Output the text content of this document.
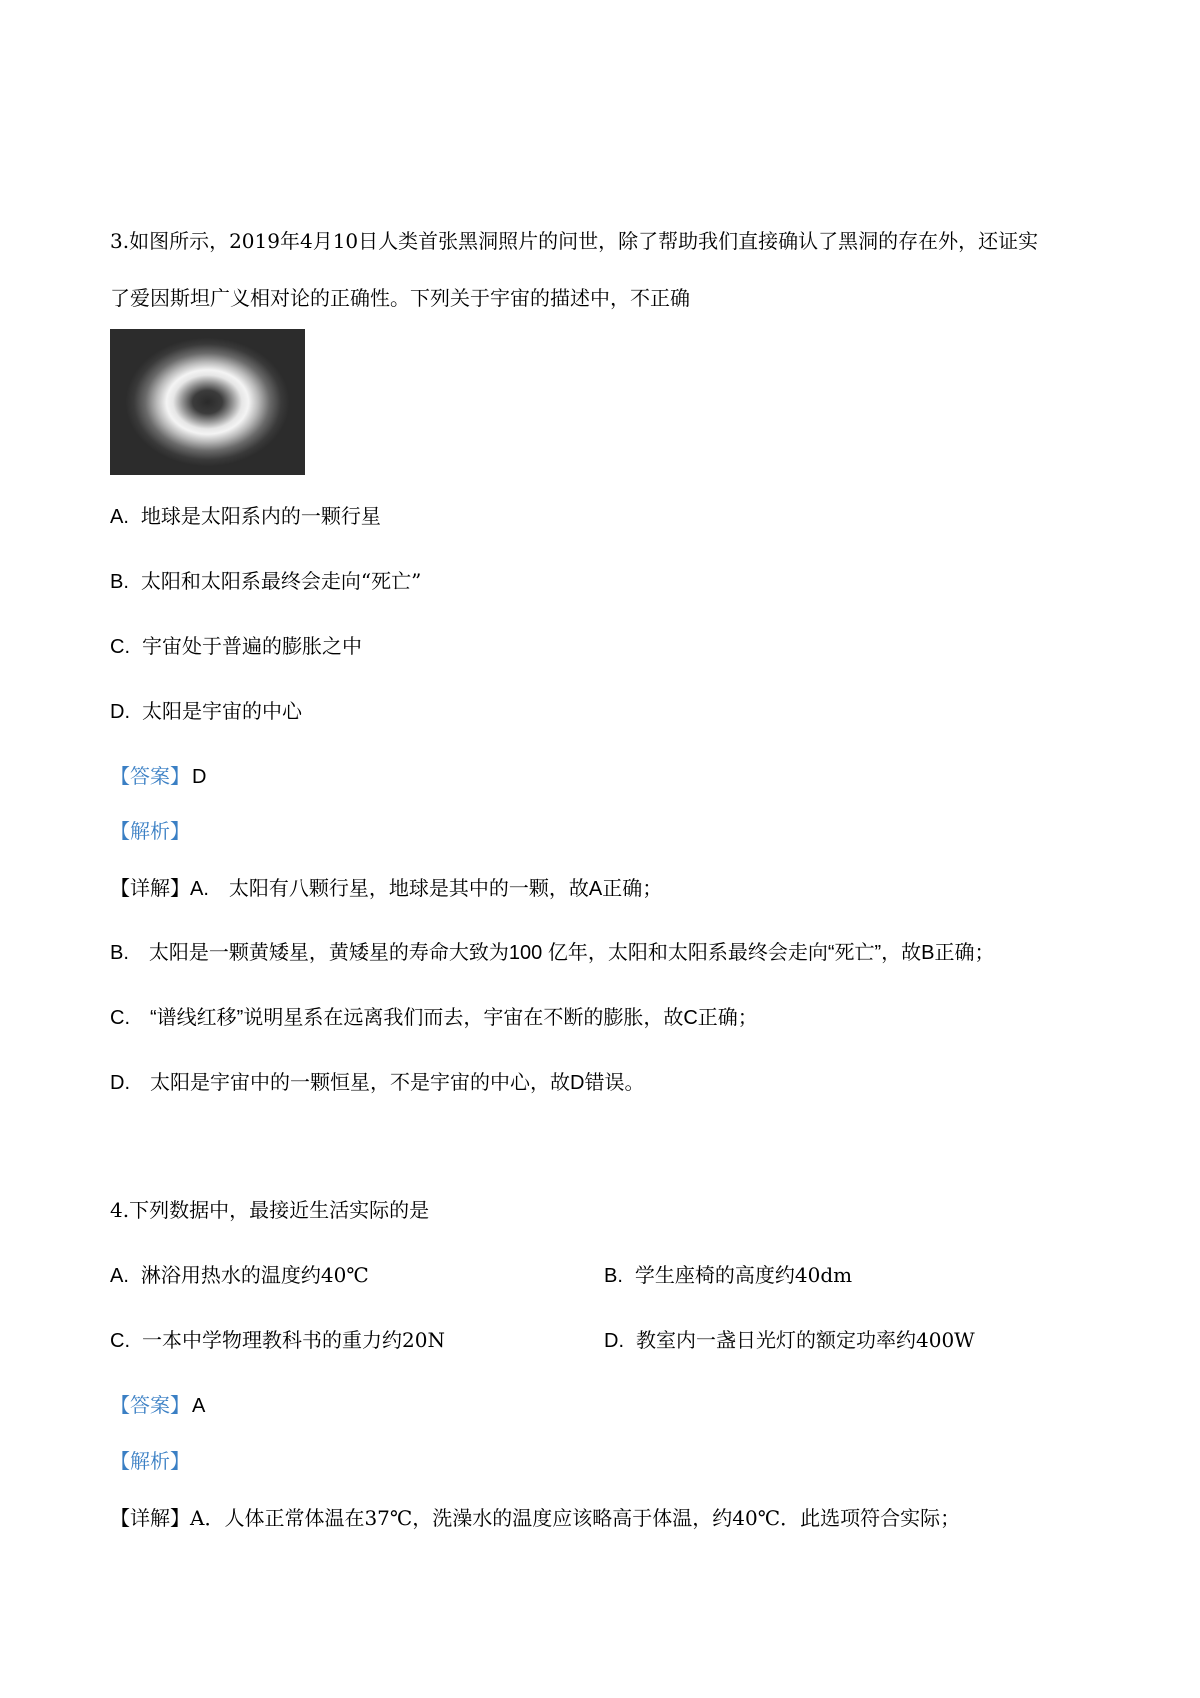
3.如图所示，2019年4月10日人类首张黑洞照片的问世，除了帮助我们直接确认了黑洞的存在外，还证实
了爱因斯坦广义相对论的正确性。下列关于宇宙的描述中，不正确
A. 地球是太阳系内的一颗行星
B. 太阳和太阳系最终会走向“死亡”
C. 宇宙处于普遍的膨胀之中
D. 太阳是宇宙的中心
【答案】 D
【解析】
【详解】A.　太阳有八颗行星，地球是其中的一颗，故A正确；
B.　太阳是一颗黄矮星，黄矮星的寿命大致为100 亿年，太阳和太阳系最终会走向“死亡”，故B正确；
C.　“谱线红移”说明星系在远离我们而去，宇宙在不断的膨胀，故C正确；
D.　太阳是宇宙中的一颗恒星，不是宇宙的中心，故D错误。
4.下列数据中，最接近生活实际的是
A. 淋浴用热水的温度约40℃	B. 学生座椅的高度约40dm
C. 一本中学物理教科书的重力约20N	D. 教室内一盏日光灯的额定功率约400W
【答案】 A
【解析】
【详解】A．人体正常体温在37℃，洗澡水的温度应该略高于体温，约40℃．此选项符合实际；
